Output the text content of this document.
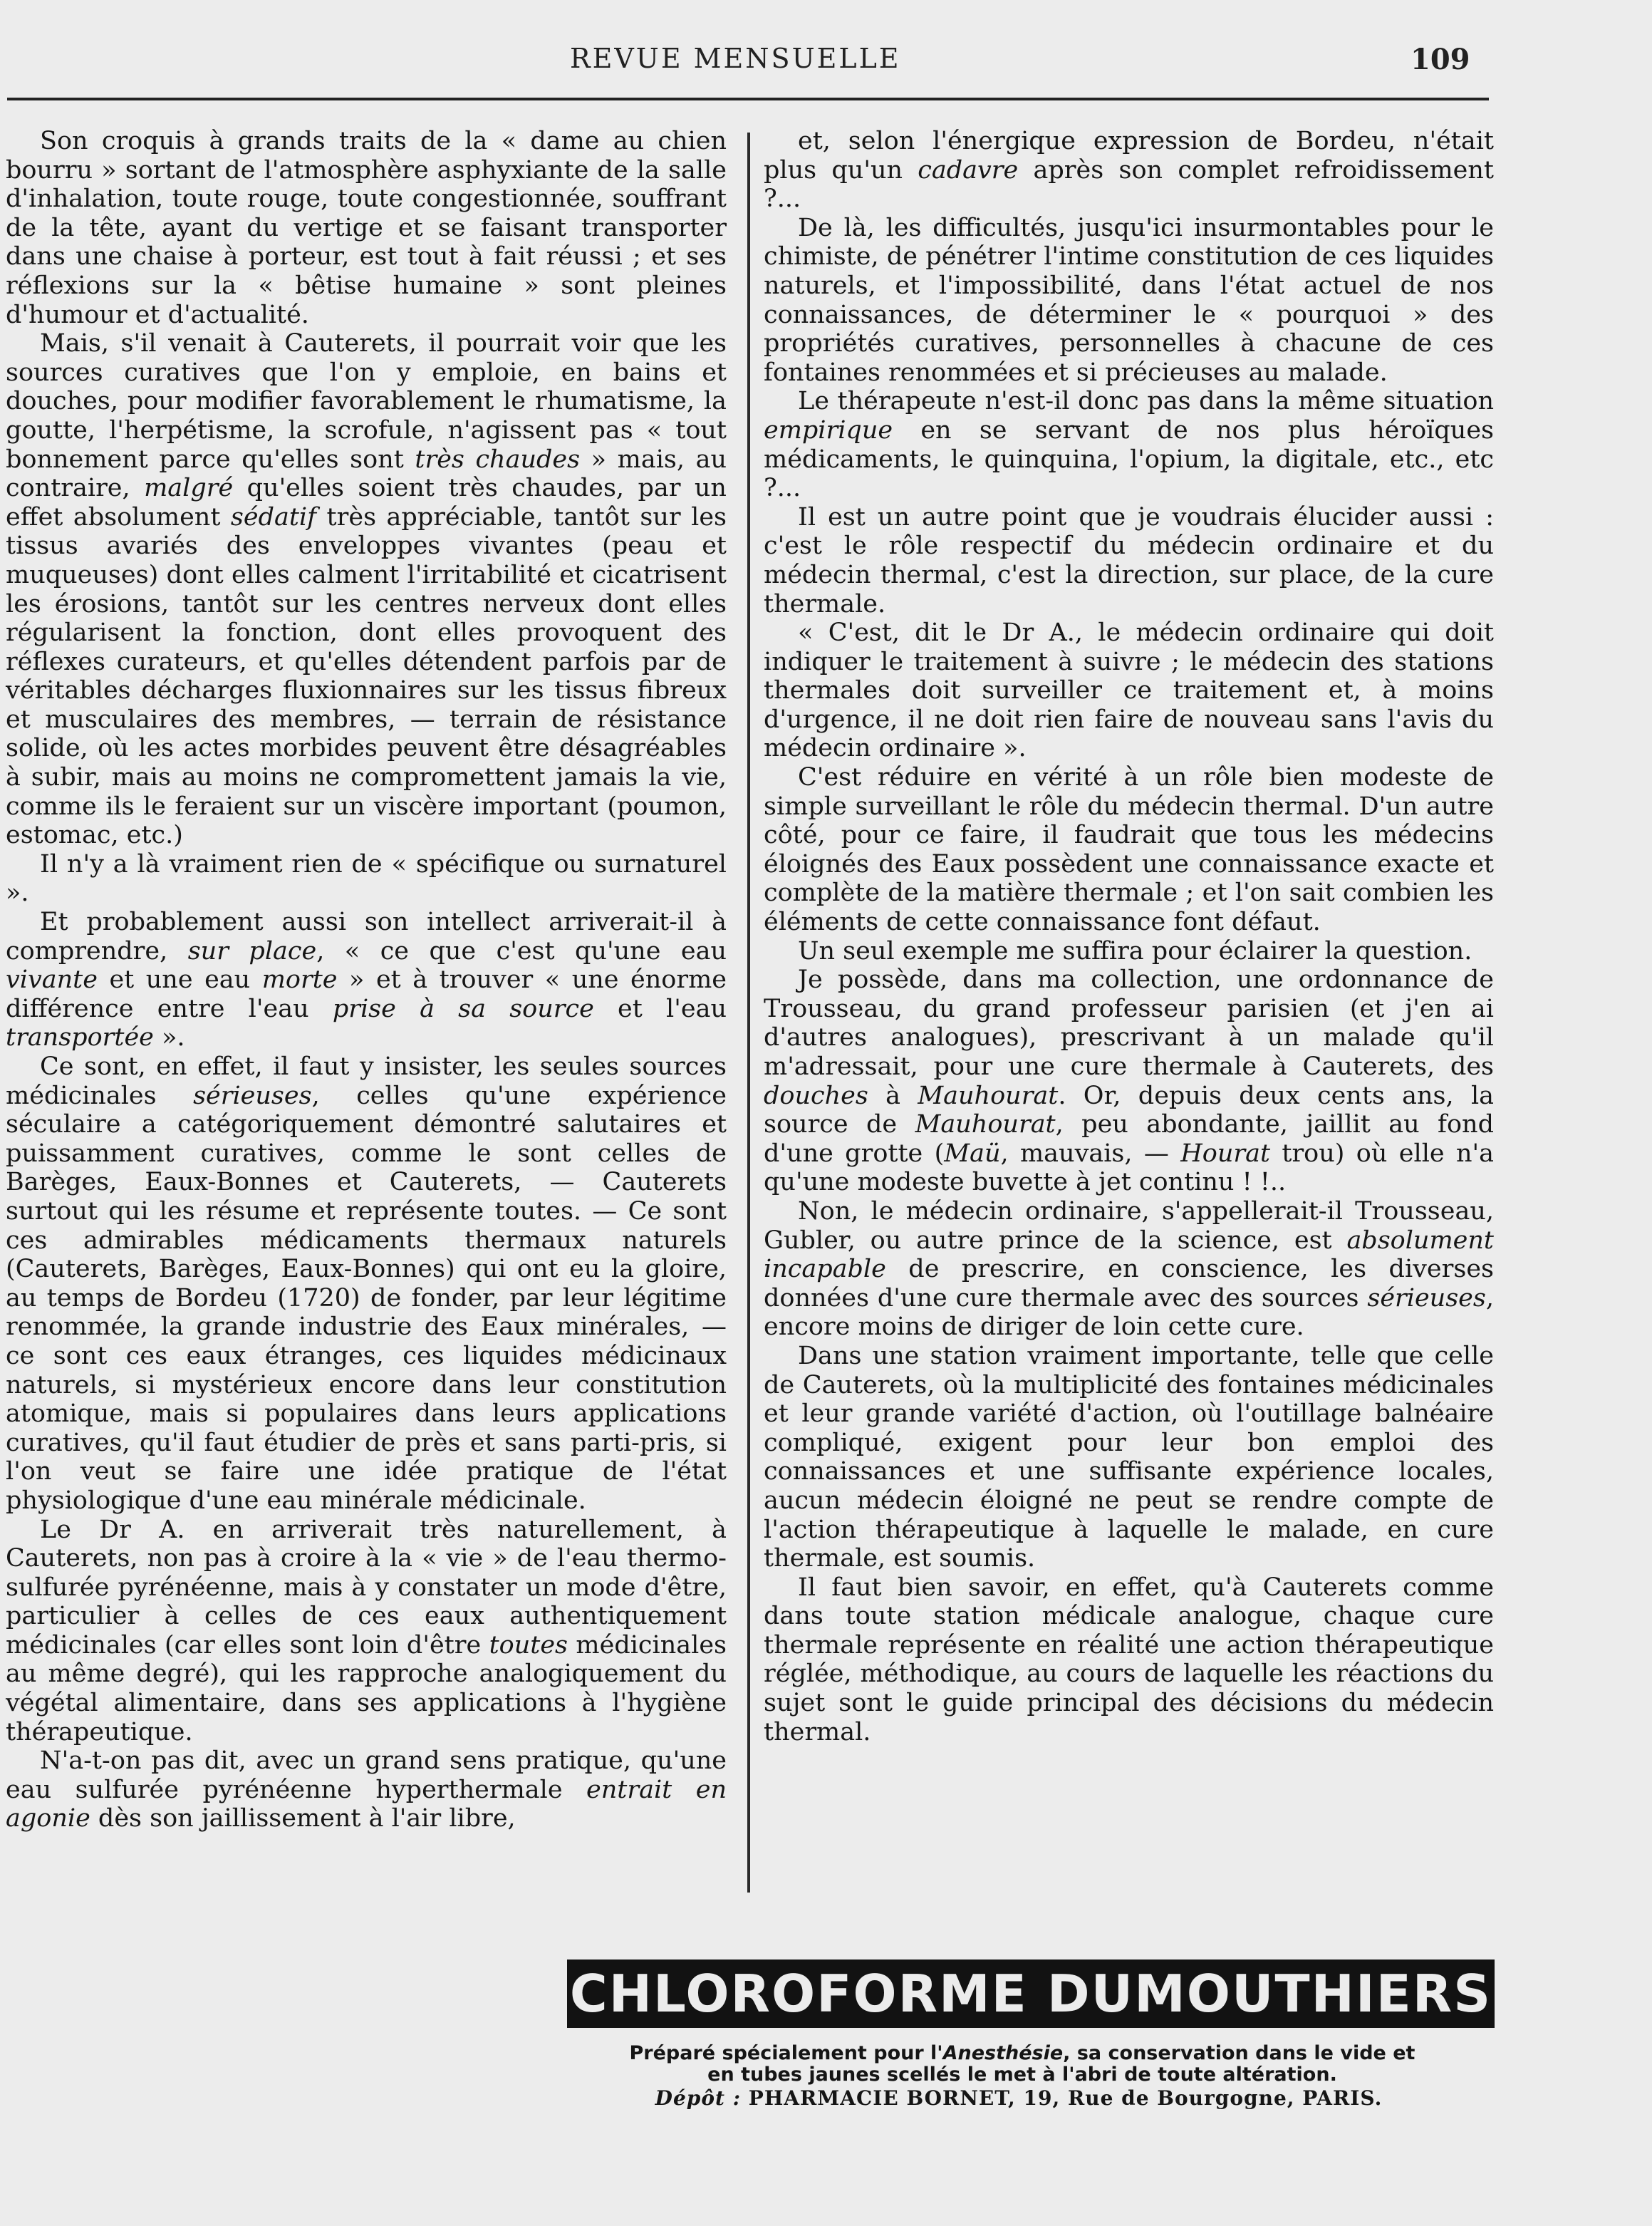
REVUE MENSUELLE	109

Son croquis à grands traits de la « dame au chien bourru » sortant de l'atmosphère asphyxiante de la salle d'inhalation, toute rouge, toute congestionnée, souffrant de la tête, ayant du vertige et se faisant transporter dans une chaise à porteur, est tout à fait réussi ; et ses réflexions sur la « bêtise humaine » sont pleines d'humour et d'actualité.

Mais, s'il venait à Cauterets, il pourrait voir que les sources curatives que l'on y emploie, en bains et douches, pour modifier favorablement le rhumatisme, la goutte, l'herpétisme, la scrofule, n'agissent pas « tout bonnement parce qu'elles sont très chaudes » mais, au contraire, malgré qu'elles soient très chaudes, par un effet absolument sédatif très appréciable, tantôt sur les tissus avariés des enveloppes vivantes (peau et muqueuses) dont elles calment l'irritabilité et cicatrisent les érosions, tantôt sur les centres nerveux dont elles régularisent la fonction, dont elles provoquent des réflexes curateurs, et qu'elles détendent parfois par de véritables décharges fluxionnaires sur les tissus fibreux et musculaires des membres, — terrain de résistance solide, où les actes morbides peuvent être désagréables à subir, mais au moins ne compromettent jamais la vie, comme ils le feraient sur un viscère important (poumon, estomac, etc.)

Il n'y a là vraiment rien de « spécifique ou surnaturel ».

Et probablement aussi son intellect arriverait-il à comprendre, sur place, « ce que c'est qu'une eau vivante et une eau morte » et à trouver « une énorme différence entre l'eau prise à sa source et l'eau transportée ».

Ce sont, en effet, il faut y insister, les seules sources médicinales sérieuses, celles qu'une expérience séculaire a catégoriquement démontré salutaires et puissamment curatives, comme le sont celles de Barèges, Eaux-Bonnes et Cauterets, — Cauterets surtout qui les résume et représente toutes. — Ce sont ces admirables médicaments thermaux naturels (Cauterets, Barèges, Eaux-Bonnes) qui ont eu la gloire, au temps de Bordeu (1720) de fonder, par leur légitime renommée, la grande industrie des Eaux minérales, — ce sont ces eaux étranges, ces liquides médicinaux naturels, si mystérieux encore dans leur constitution atomique, mais si populaires dans leurs applications curatives, qu'il faut étudier de près et sans parti-pris, si l'on veut se faire une idée pratique de l'état physiologique d'une eau minérale médicinale.

Le Dr A. en arriverait très naturellement, à Cauterets, non pas à croire à la « vie » de l'eau thermo-sulfurée pyrénéenne, mais à y constater un mode d'être, particulier à celles de ces eaux authentiquement médicinales (car elles sont loin d'être toutes médicinales au même degré), qui les rapproche analogiquement du végétal alimentaire, dans ses applications à l'hygiène thérapeutique.

N'a-t-on pas dit, avec un grand sens pratique, qu'une eau sulfurée pyrénéenne hyperthermale entrait en agonie dès son jaillissement à l'air libre,

et, selon l'énergique expression de Bordeu, n'était plus qu'un cadavre après son complet refroidissement ?...

De là, les difficultés, jusqu'ici insurmontables pour le chimiste, de pénétrer l'intime constitution de ces liquides naturels, et l'impossibilité, dans l'état actuel de nos connaissances, de déterminer le « pourquoi » des propriétés curatives, personnelles à chacune de ces fontaines renommées et si précieuses au malade.

Le thérapeute n'est-il donc pas dans la même situation empirique en se servant de nos plus héroïques médicaments, le quinquina, l'opium, la digitale, etc., etc ?...

Il est un autre point que je voudrais élucider aussi : c'est le rôle respectif du médecin ordinaire et du médecin thermal, c'est la direction, sur place, de la cure thermale.

« C'est, dit le Dr A., le médecin ordinaire qui doit indiquer le traitement à suivre ; le médecin des stations thermales doit surveiller ce traitement et, à moins d'urgence, il ne doit rien faire de nouveau sans l'avis du médecin ordinaire ».

C'est réduire en vérité à un rôle bien modeste de simple surveillant le rôle du médecin thermal. D'un autre côté, pour ce faire, il faudrait que tous les médecins éloignés des Eaux possèdent une connaissance exacte et complète de la matière thermale ; et l'on sait combien les éléments de cette connaissance font défaut.

Un seul exemple me suffira pour éclairer la question.

Je possède, dans ma collection, une ordonnance de Trousseau, du grand professeur parisien (et j'en ai d'autres analogues), prescrivant à un malade qu'il m'adressait, pour une cure thermale à Cauterets, des douches à Mauhourat. Or, depuis deux cents ans, la source de Mauhourat, peu abondante, jaillit au fond d'une grotte (Maü, mauvais, — Hourat trou) où elle n'a qu'une modeste buvette à jet continu ! !..

Non, le médecin ordinaire, s'appellerait-il Trousseau, Gubler, ou autre prince de la science, est absolument incapable de prescrire, en conscience, les diverses données d'une cure thermale avec des sources sérieuses, encore moins de diriger de loin cette cure.

Dans une station vraiment importante, telle que celle de Cauterets, où la multiplicité des fontaines médicinales et leur grande variété d'action, où l'outillage balnéaire compliqué, exigent pour leur bon emploi des connaissances et une suffisante expérience locales, aucun médecin éloigné ne peut se rendre compte de l'action thérapeutique à laquelle le malade, en cure thermale, est soumis.

Il faut bien savoir, en effet, qu'à Cauterets comme dans toute station médicale analogue, chaque cure thermale représente en réalité une action thérapeutique réglée, méthodique, au cours de laquelle les réactions du sujet sont le guide principal des décisions du médecin thermal.

CHLOROFORME DUMOUTHIERS
Préparé spécialement pour l'Anesthésie, sa conservation dans le vide et
en tubes jaunes scellés le met à l'abri de toute altération.
Dépôt : PHARMACIE BORNET, 19, Rue de Bourgogne, PARIS.
